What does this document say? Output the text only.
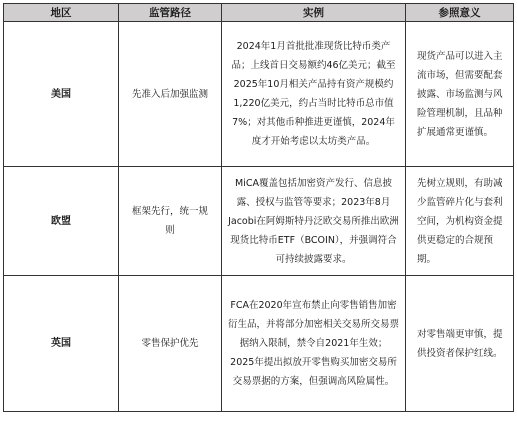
地区	监管路径	实例	参照意义
美国	先准入后加强监测	2024年1月首批批准现货比特币类产品；上线首日交易额约46亿美元；截至2025年10月相关产品持有资产规模约1,220亿美元，约占当时比特币总市值7%；对其他币种推进更谨慎，2024年度才开始考虑以太坊类产品。	现货产品可以进入主流市场，但需要配套披露、市场监测与风险管理机制，且品种扩展通常更谨慎。
欧盟	框架先行，统一规则	MiCA覆盖包括加密资产发行、信息披露、授权与监管等要求；2023年8月Jacobi在阿姆斯特丹泛欧交易所推出欧洲现货比特币ETF（BCOIN），并强调符合可持续披露要求。	先树立规则，有助减少监管碎片化与套利空间，为机构资金提供更稳定的合规预期。
英国	零售保护优先	FCA在2020年宣布禁止向零售销售加密衍生品，并将部分加密相关交易所交易票据纳入限制，禁令自2021年生效；2025年提出拟放开零售购买加密交易所交易票据的方案，但强调高风险属性。	对零售端更审慎，提供投资者保护红线。
